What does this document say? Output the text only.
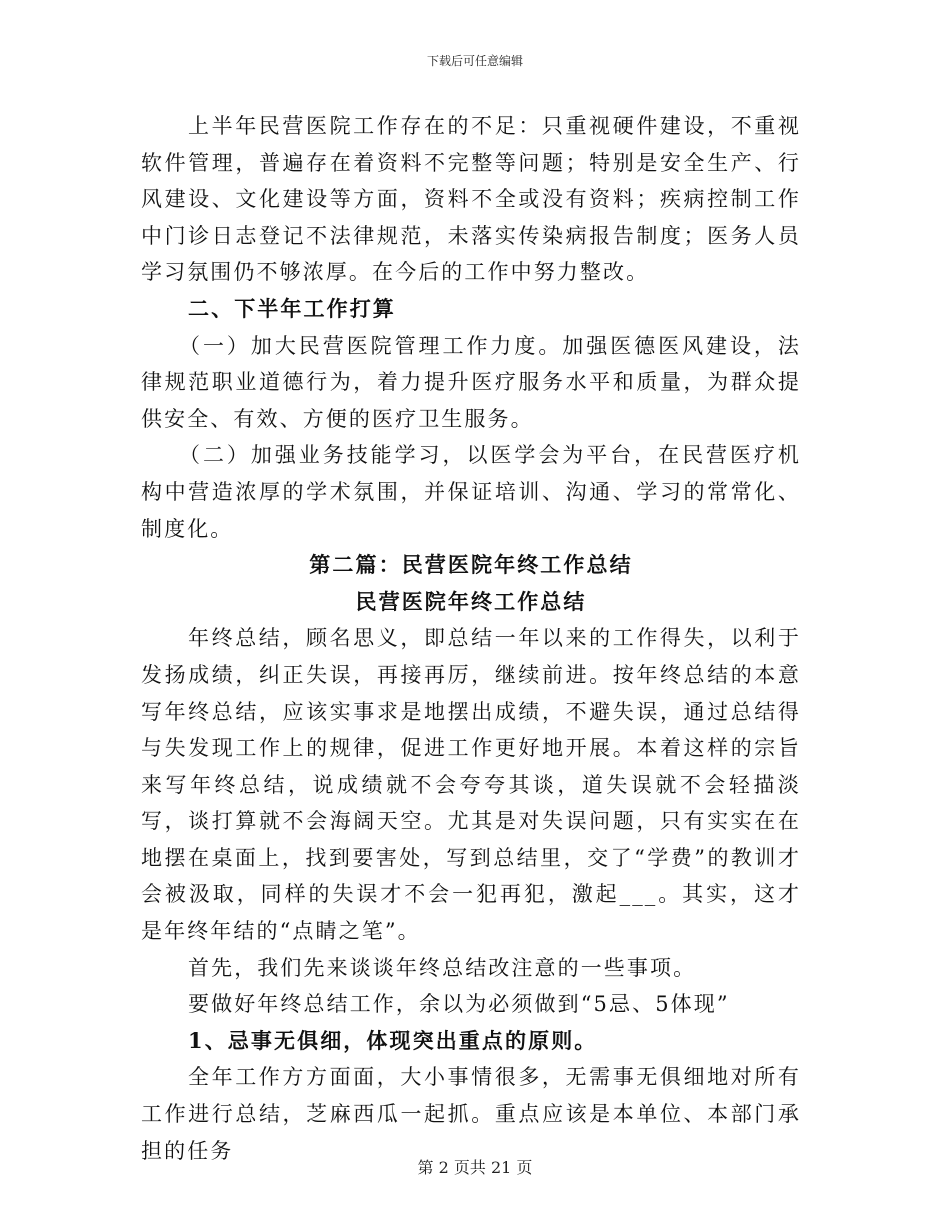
下载后可任意编辑

上半年民营医院工作存在的不足：只重视硬件建设，不重视软件管理，普遍存在着资料不完整等问题；特别是安全生产、行风建设、文化建设等方面，资料不全或没有资料；疾病控制工作中门诊日志登记不法律规范，未落实传染病报告制度；医务人员学习氛围仍不够浓厚。在今后的工作中努力整改。

二、下半年工作打算

（一）加大民营医院管理工作力度。加强医德医风建设，法律规范职业道德行为，着力提升医疗服务水平和质量，为群众提供安全、有效、方便的医疗卫生服务。

（二）加强业务技能学习，以医学会为平台，在民营医疗机构中营造浓厚的学术氛围，并保证培训、沟通、学习的常常化、制度化。

第二篇：民营医院年终工作总结

民营医院年终工作总结

年终总结，顾名思义，即总结一年以来的工作得失，以利于发扬成绩，纠正失误，再接再厉，继续前进。按年终总结的本意写年终总结，应该实事求是地摆出成绩，不避失误，通过总结得与失发现工作上的规律，促进工作更好地开展。本着这样的宗旨来写年终总结，说成绩就不会夸夸其谈，道失误就不会轻描淡写，谈打算就不会海阔天空。尤其是对失误问题，只有实实在在地摆在桌面上，找到要害处，写到总结里，交了“学费”的教训才会被汲取，同样的失误才不会一犯再犯，激起___。其实，这才是年终年结的“点睛之笔”。

首先，我们先来谈谈年终总结改注意的一些事项。

要做好年终总结工作，余以为必须做到“5忌、5体现”

1、忌事无俱细，体现突出重点的原则。

全年工作方方面面，大小事情很多，无需事无俱细地对所有工作进行总结，芝麻西瓜一起抓。重点应该是本单位、本部门承担的任务

第 2 页共 21 页
